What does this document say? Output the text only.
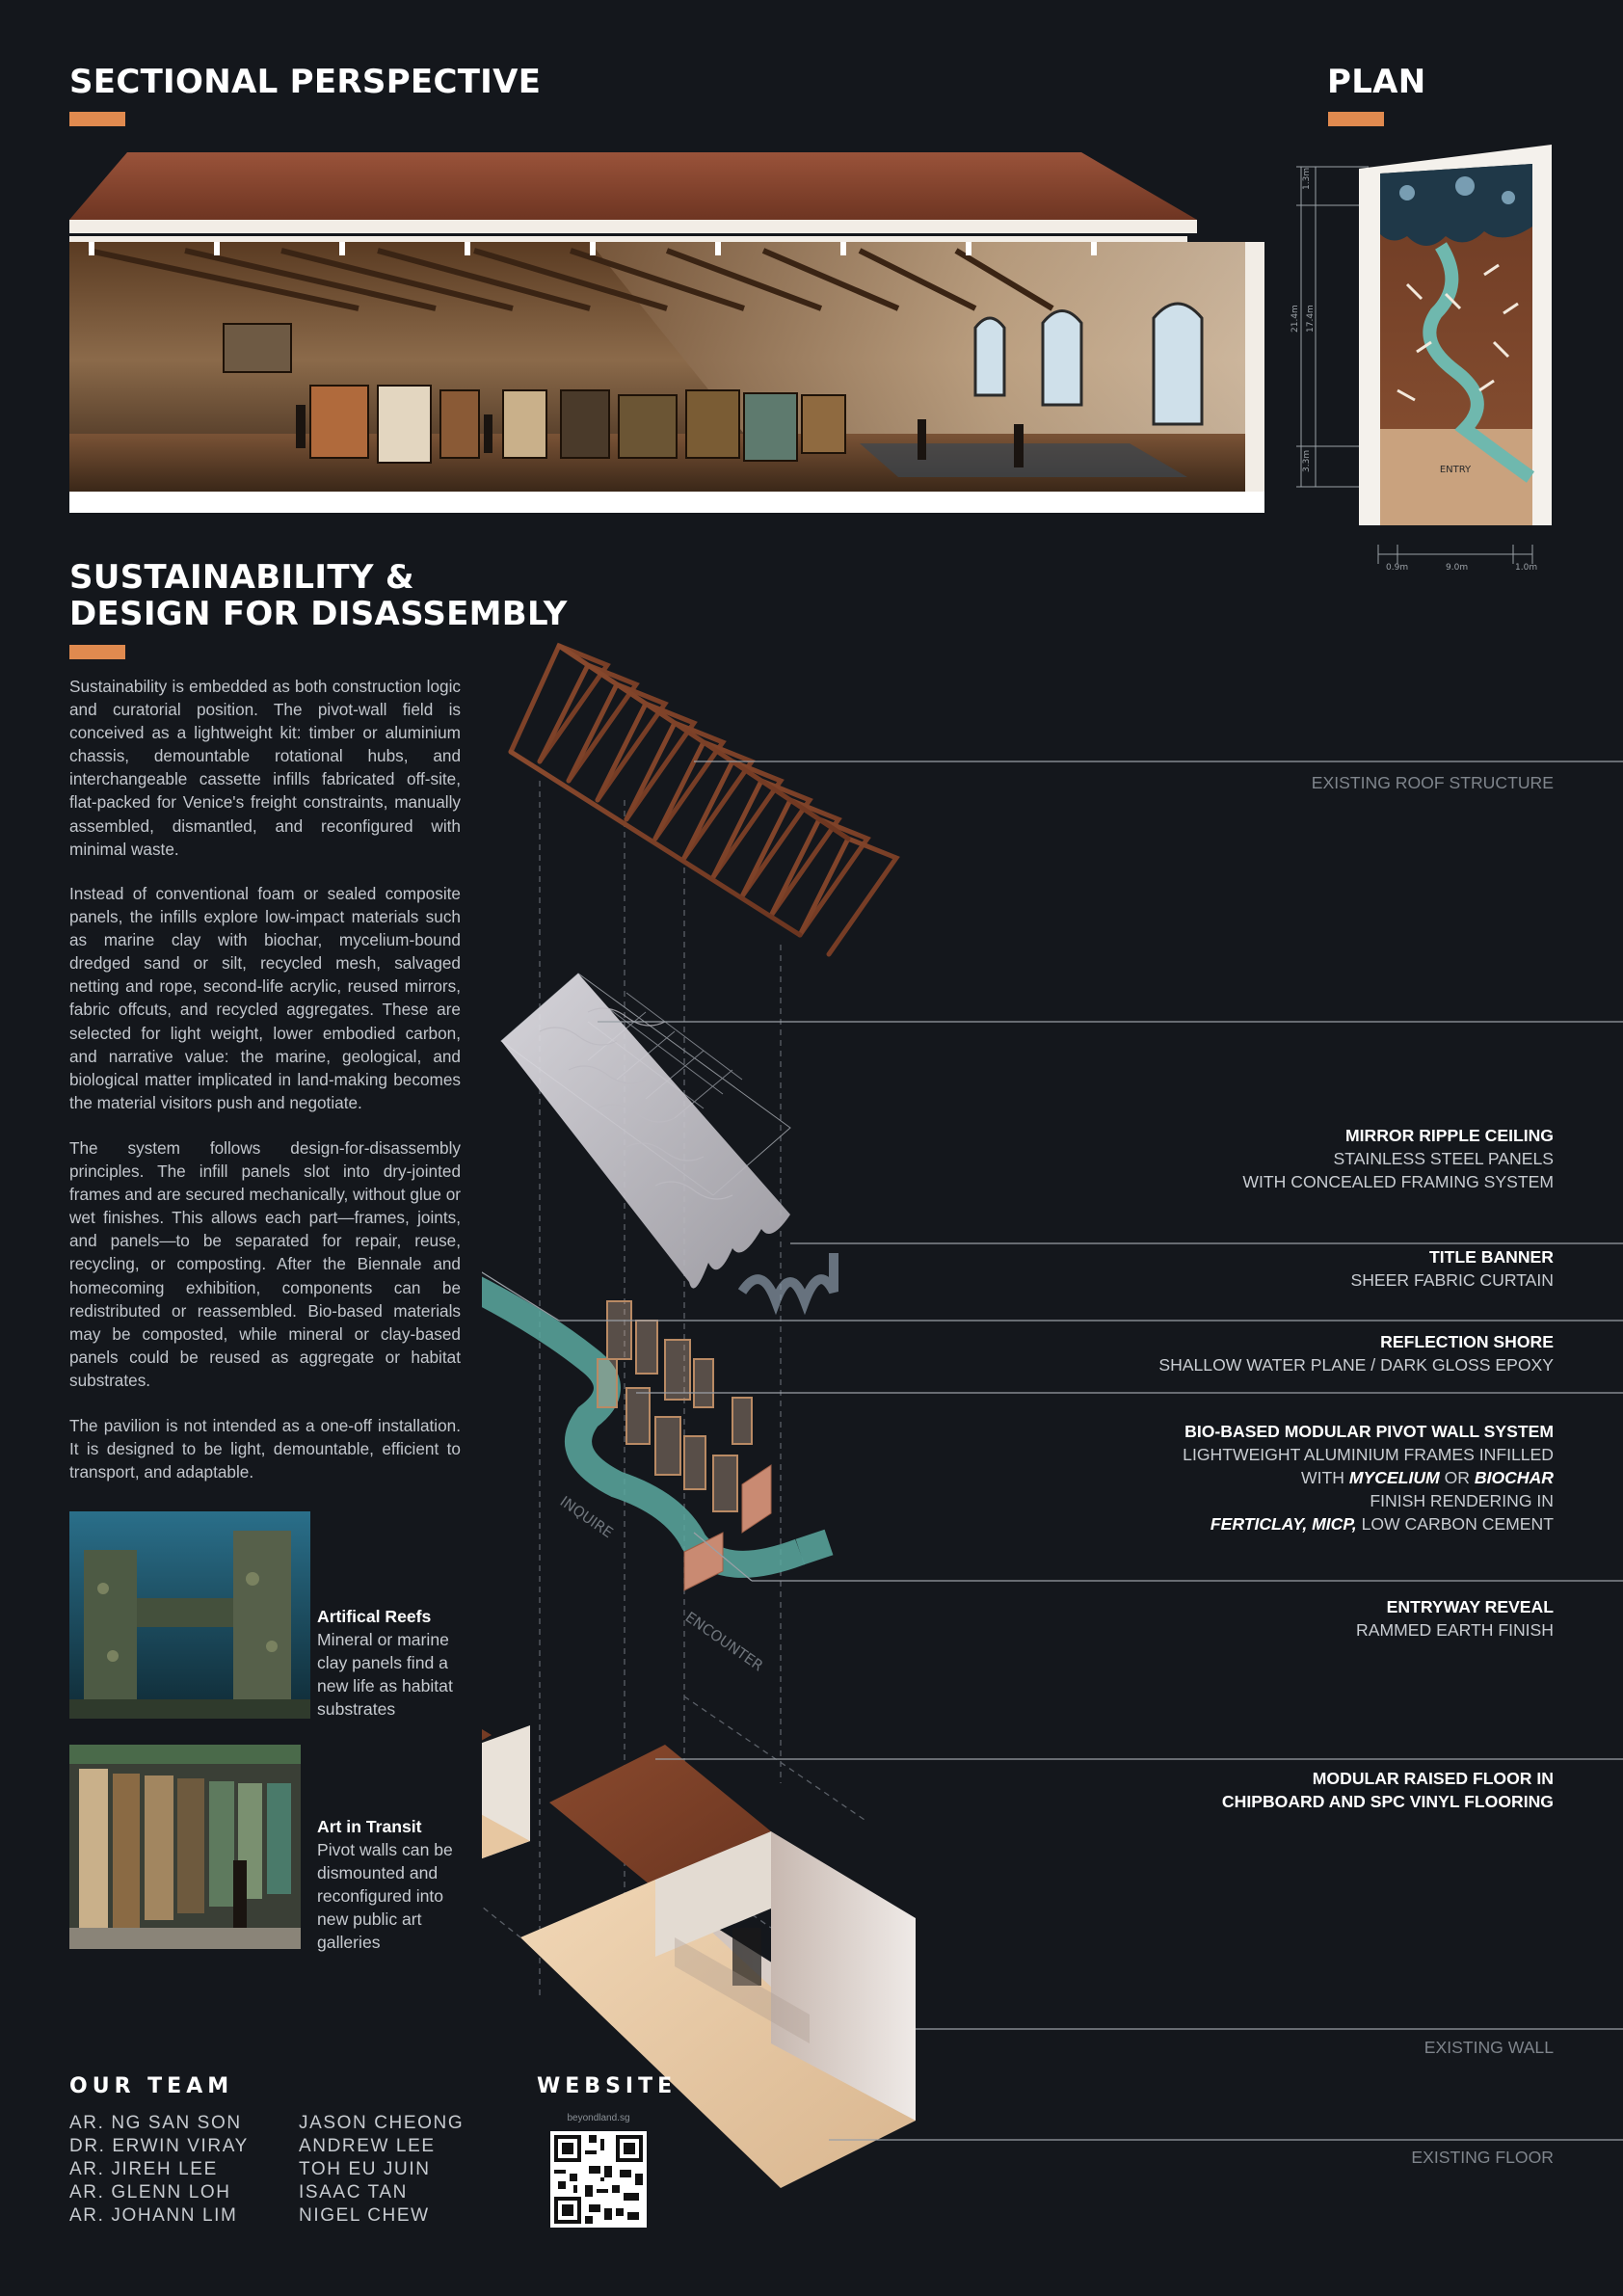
SECTIONAL PERSPECTIVE	PLAN
1.3m
21.4m 17.4m
3.3m	ENTRY
0.9m	9.0m	1.0m
SUSTAINABILITY &
DESIGN FOR DISASSEMBLY

Sustainability is embedded as both construction logic and curatorial position. The pivot-wall field is conceived as a lightweight kit: timber or aluminium chassis, demountable rotational hubs, and interchangeable cassette infills fabricated off-site, flat-packed for Venice's freight constraints, manually assembled, dismantled, and reconfigured with minimal waste.

Instead of conventional foam or sealed composite panels, the infills explore low-impact materials such as marine clay with biochar, mycelium-bound dredged sand or silt, recycled mesh, salvaged netting and rope, second-life acrylic, reused mirrors, fabric offcuts, and recycled aggregates. These are selected for light weight, lower embodied carbon, and narrative value: the marine, geological, and biological matter implicated in land-making becomes the material visitors push and negotiate.

The system follows design-for-disassembly principles. The infill panels slot into dry-jointed frames and are secured mechanically, without glue or wet finishes. This allows each part—frames, joints, and panels—to be separated for repair, reuse, recycling, or composting. After the Biennale and homecoming exhibition, components can be redistributed or reassembled. Bio-based materials may be composted, while mineral or clay-based panels could be reused as aggregate or habitat substrates.

The pavilion is not intended as a one-off installation. It is designed to be light, demountable, efficient to transport, and adaptable.

Artifical Reefs
Mineral or marine clay panels find a new life as habitat substrates
Art in Transit
Pivot walls can be dismounted and reconfigured into new public art galleries
INQUIRE
ENCOUNTER
EXISTING ROOF STRUCTURE
MIRROR RIPPLE CEILING
STAINLESS STEEL PANELS
WITH CONCEALED FRAMING SYSTEM
TITLE BANNER
SHEER FABRIC CURTAIN
REFLECTION SHORE
SHALLOW WATER PLANE / DARK GLOSS EPOXY
BIO-BASED MODULAR PIVOT WALL SYSTEM
LIGHTWEIGHT ALUMINIUM FRAMES INFILLED
WITH MYCELIUM OR BIOCHAR
FINISH RENDERING IN
FERTICLAY, MICP, LOW CARBON CEMENT
ENTRYWAY REVEAL
RAMMED EARTH FINISH
MODULAR RAISED FLOOR IN
CHIPBOARD AND SPC VINYL FLOORING
EXISTING WALL
EXISTING FLOOR
OUR TEAM
AR. NG SAN SON
DR. ERWIN VIRAY
AR. JIREH LEE
AR. GLENN LOH
AR. JOHANN LIM
JASON CHEONG
ANDREW LEE
TOH EU JUIN
ISAAC TAN
NIGEL CHEW
WEBSITE
beyondland.sg
